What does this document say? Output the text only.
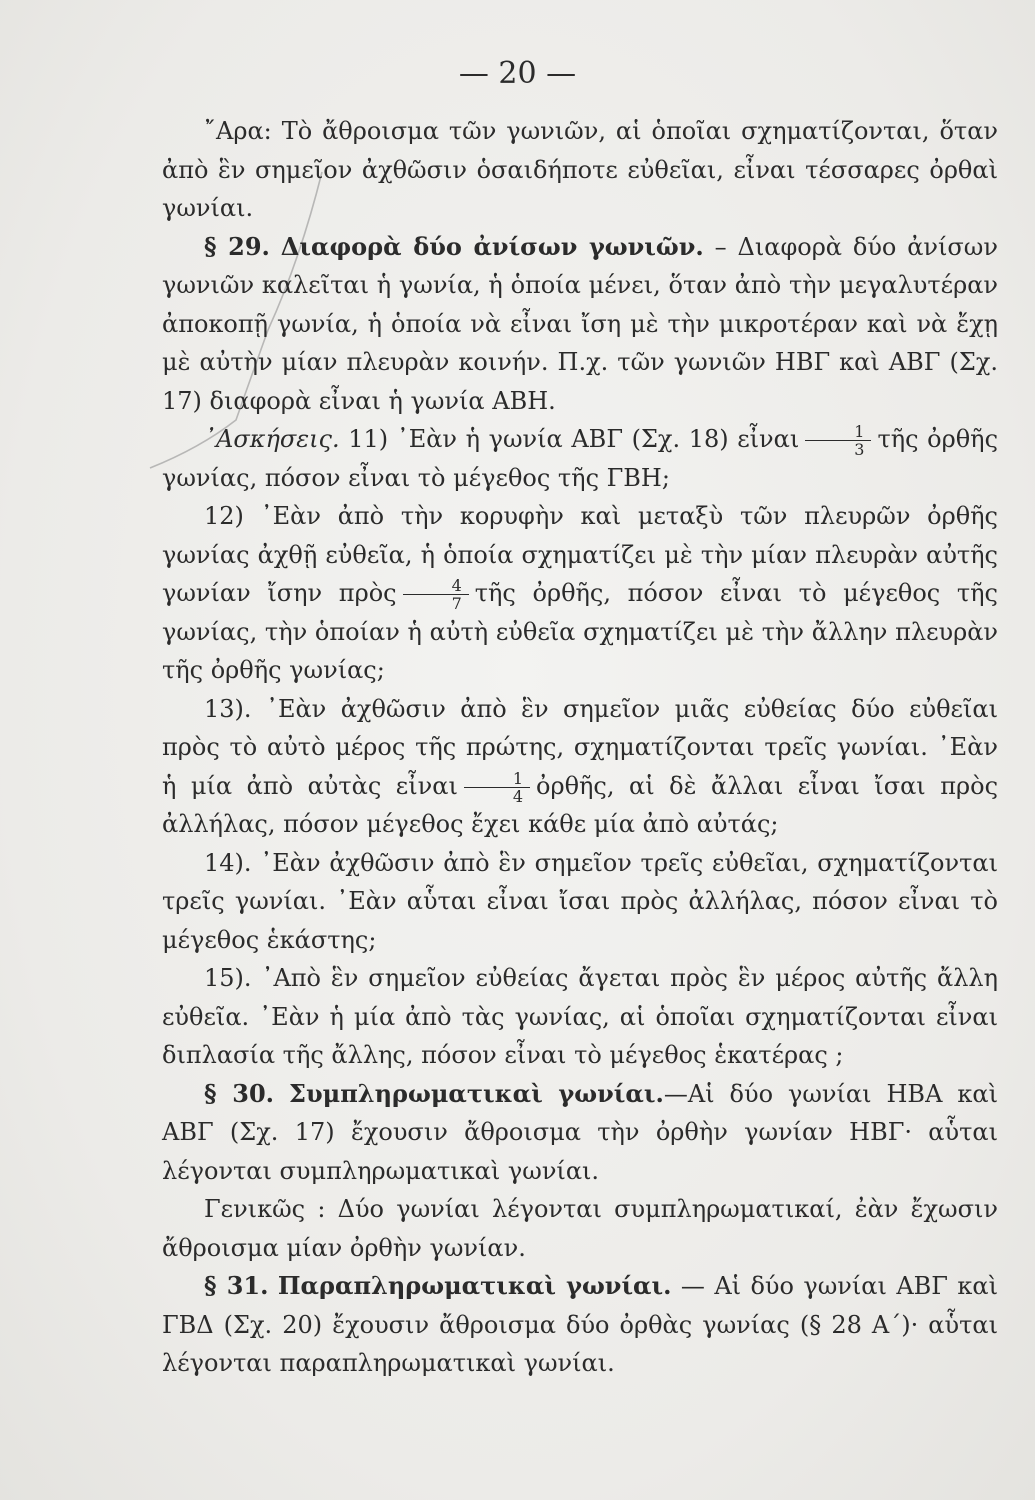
— 20 —

῎Αρα: Τὸ ἄθροισμα τῶν γωνιῶν, αἱ ὁποῖαι σχηματίζονται, ὅταν ἀπὸ ἓν σημεῖον ἀχθῶσιν ὁσαιδήποτε εὐθεῖαι, εἶναι τέσσαρες ὀρθαὶ γωνίαι.

§ 29. Διαφορὰ δύο ἀνίσων γωνιῶν. – Διαφορὰ δύο ἀνίσων γωνιῶν καλεῖται ἡ γωνία, ἡ ὁποία μένει, ὅταν ἀπὸ τὴν μεγαλυτέραν ἀποκοπῇ γωνία, ἡ ὁποία νὰ εἶναι ἴση μὲ τὴν μικροτέραν καὶ νὰ ἔχῃ μὲ αὐτὴν μίαν πλευρὰν κοινήν. Π.χ. τῶν γωνιῶν ΗΒΓ καὶ ΑΒΓ (Σχ. 17) διαφορὰ εἶναι ἡ γωνία ΑΒΗ.

᾿Ασκήσεις. 11) ᾿Εὰν ἡ γωνία ΑΒΓ (Σχ. 18) εἶναι $\frac{1}{3}$ τῆς ὀρθῆς γωνίας, πόσον εἶναι τὸ μέγεθος τῆς ΓΒΗ;

12) ᾿Εὰν ἀπὸ τὴν κορυφὴν καὶ μεταξὺ τῶν πλευρῶν ὀρθῆς γωνίας ἀχθῇ εὐθεῖα, ἡ ὁποία σχηματίζει μὲ τὴν μίαν πλευρὰν αὐτῆς γωνίαν ἴσην πρὸς $\frac{4}{7}$ τῆς ὀρθῆς, πόσον εἶναι τὸ μέγεθος τῆς γωνίας, τὴν ὁποίαν ἡ αὐτὴ εὐθεῖα σχηματίζει μὲ τὴν ἄλλην πλευρὰν τῆς ὀρθῆς γωνίας;

13). ᾿Εὰν ἀχθῶσιν ἀπὸ ἓν σημεῖον μιᾶς εὐθείας δύο εὐθεῖαι πρὸς τὸ αὐτὸ μέρος τῆς πρώτης, σχηματίζονται τρεῖς γωνίαι. ᾿Εὰν ἡ μία ἀπὸ αὐτὰς εἶναι $\frac{1}{4}$ ὀρθῆς, αἱ δὲ ἄλλαι εἶναι ἴσαι πρὸς ἀλλήλας, πόσον μέγεθος ἔχει κάθε μία ἀπὸ αὐτάς;

14). ᾿Εὰν ἀχθῶσιν ἀπὸ ἓν σημεῖον τρεῖς εὐθεῖαι, σχηματίζονται τρεῖς γωνίαι. ᾿Εὰν αὗται εἶναι ἴσαι πρὸς ἀλλήλας, πόσον εἶναι τὸ μέγεθος ἑκάστης;

15). ᾿Απὸ ἓν σημεῖον εὐθείας ἄγεται πρὸς ἓν μέρος αὐτῆς ἄλλη εὐθεῖα. ᾿Εὰν ἡ μία ἀπὸ τὰς γωνίας, αἱ ὁποῖαι σχηματίζονται εἶναι διπλασία τῆς ἄλλης, πόσον εἶναι τὸ μέγεθος ἑκατέρας ;

§ 30. Συμπληρωματικαὶ γωνίαι.—Αἱ δύο γωνίαι ΗΒΑ καὶ ΑΒΓ (Σχ. 17) ἔχουσιν ἄθροισμα τὴν ὀρθὴν γωνίαν ΗΒΓ· αὗται λέγονται συμπληρωματικαὶ γωνίαι.

Γενικῶς : Δύο γωνίαι λέγονται συμπληρωματικαί, ἐὰν ἔχωσιν ἄθροισμα μίαν ὀρθὴν γωνίαν.

§ 31. Παραπληρωματικαὶ γωνίαι. — Αἱ δύο γωνίαι ΑΒΓ καὶ ΓΒΔ (Σχ. 20) ἔχουσιν ἄθροισμα δύο ὀρθὰς γωνίας (§ 28 Α΄)· αὗται λέγονται παραπληρωματικαὶ γωνίαι.
